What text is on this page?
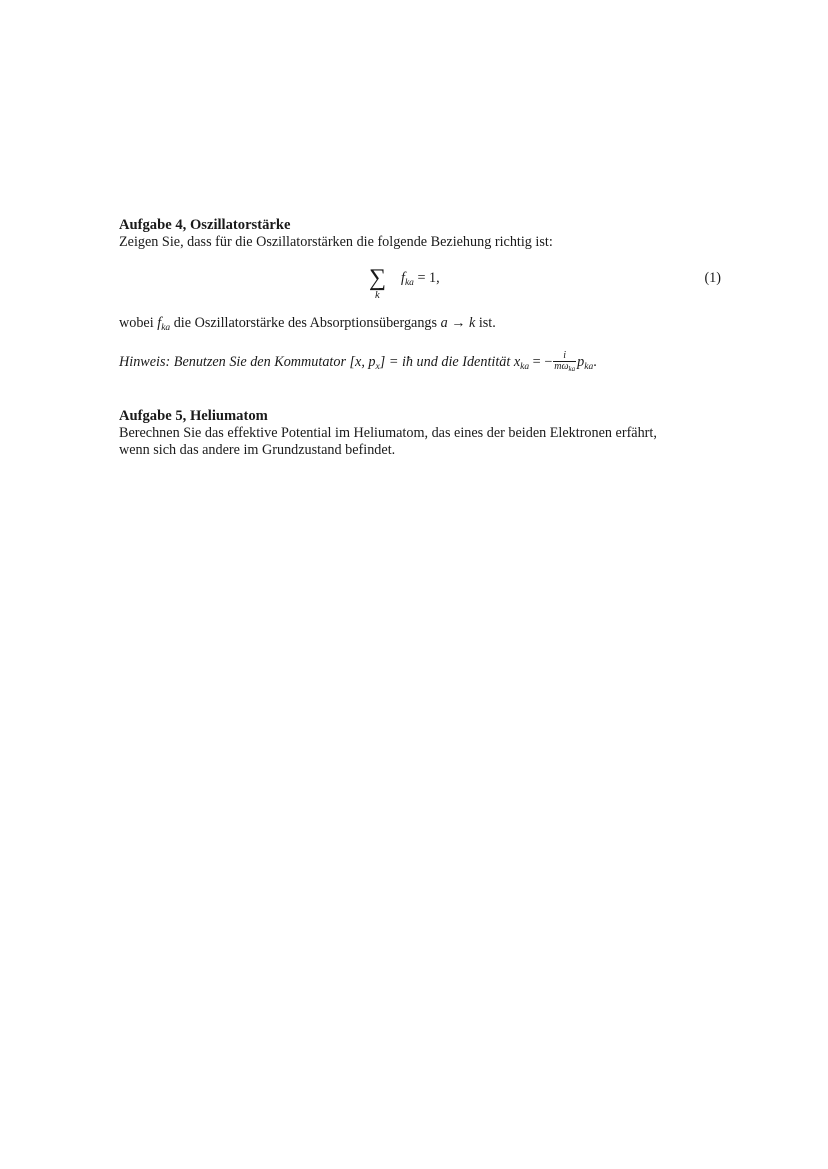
Aufgabe 4, Oszillatorstärke

Zeigen Sie, dass für die Oszillatorstärken die folgende Beziehung richtig ist:

∑
k
$f_{ka} = 1$,	(1)

wobei $f_{ka}$ die Oszillatorstärke des Absorptionsübergangs a → k ist.

Hinweis: Benutzen Sie den Kommutator [x, $p_x$] = iħ und die Identität $x_{ka}$ = − $\frac{i}{m\omega_{ka}} p_{ka}$.

Aufgabe 5, Heliumatom

Berechnen Sie das effektive Potential im Heliumatom, das eines der beiden Elektronen erfährt,

wenn sich das andere im Grundzustand befindet.
